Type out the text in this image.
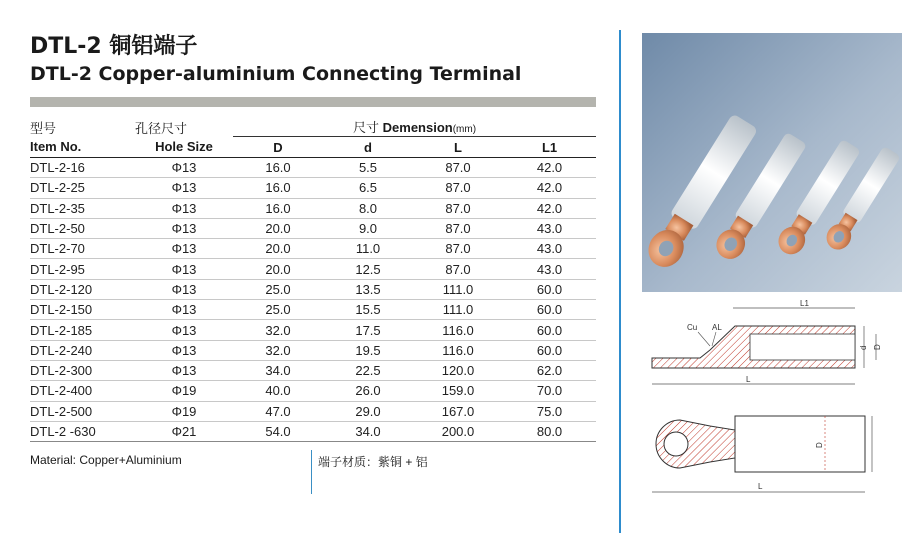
DTL-2 铜铝端子
DTL-2 Copper-aluminium Connecting Terminal
型号	孔径尺寸	尺寸 Demension(mm)			
Item No.	Hole Size	D	d	L	L1
DTL-2-16	Φ13	16.0	5.5	87.0	42.0
DTL-2-25	Φ13	16.0	6.5	87.0	42.0
DTL-2-35	Φ13	16.0	8.0	87.0	42.0
DTL-2-50	Φ13	20.0	9.0	87.0	43.0
DTL-2-70	Φ13	20.0	11.0	87.0	43.0
DTL-2-95	Φ13	20.0	12.5	87.0	43.0
DTL-2-120	Φ13	25.0	13.5	111.0	60.0
DTL-2-150	Φ13	25.0	15.5	111.0	60.0
DTL-2-185	Φ13	32.0	17.5	116.0	60.0
DTL-2-240	Φ13	32.0	19.5	116.0	60.0
DTL-2-300	Φ13	34.0	22.5	120.0	62.0
DTL-2-400	Φ19	40.0	26.0	159.0	70.0
DTL-2-500	Φ19	47.0	29.0	167.0	75.0
DTL-2 -630	Φ21	54.0	34.0	200.0	80.0
Material: Copper+Aluminium	端子材质：紫铜 + 铝
L1
Cu AL
d D
L
D
L
